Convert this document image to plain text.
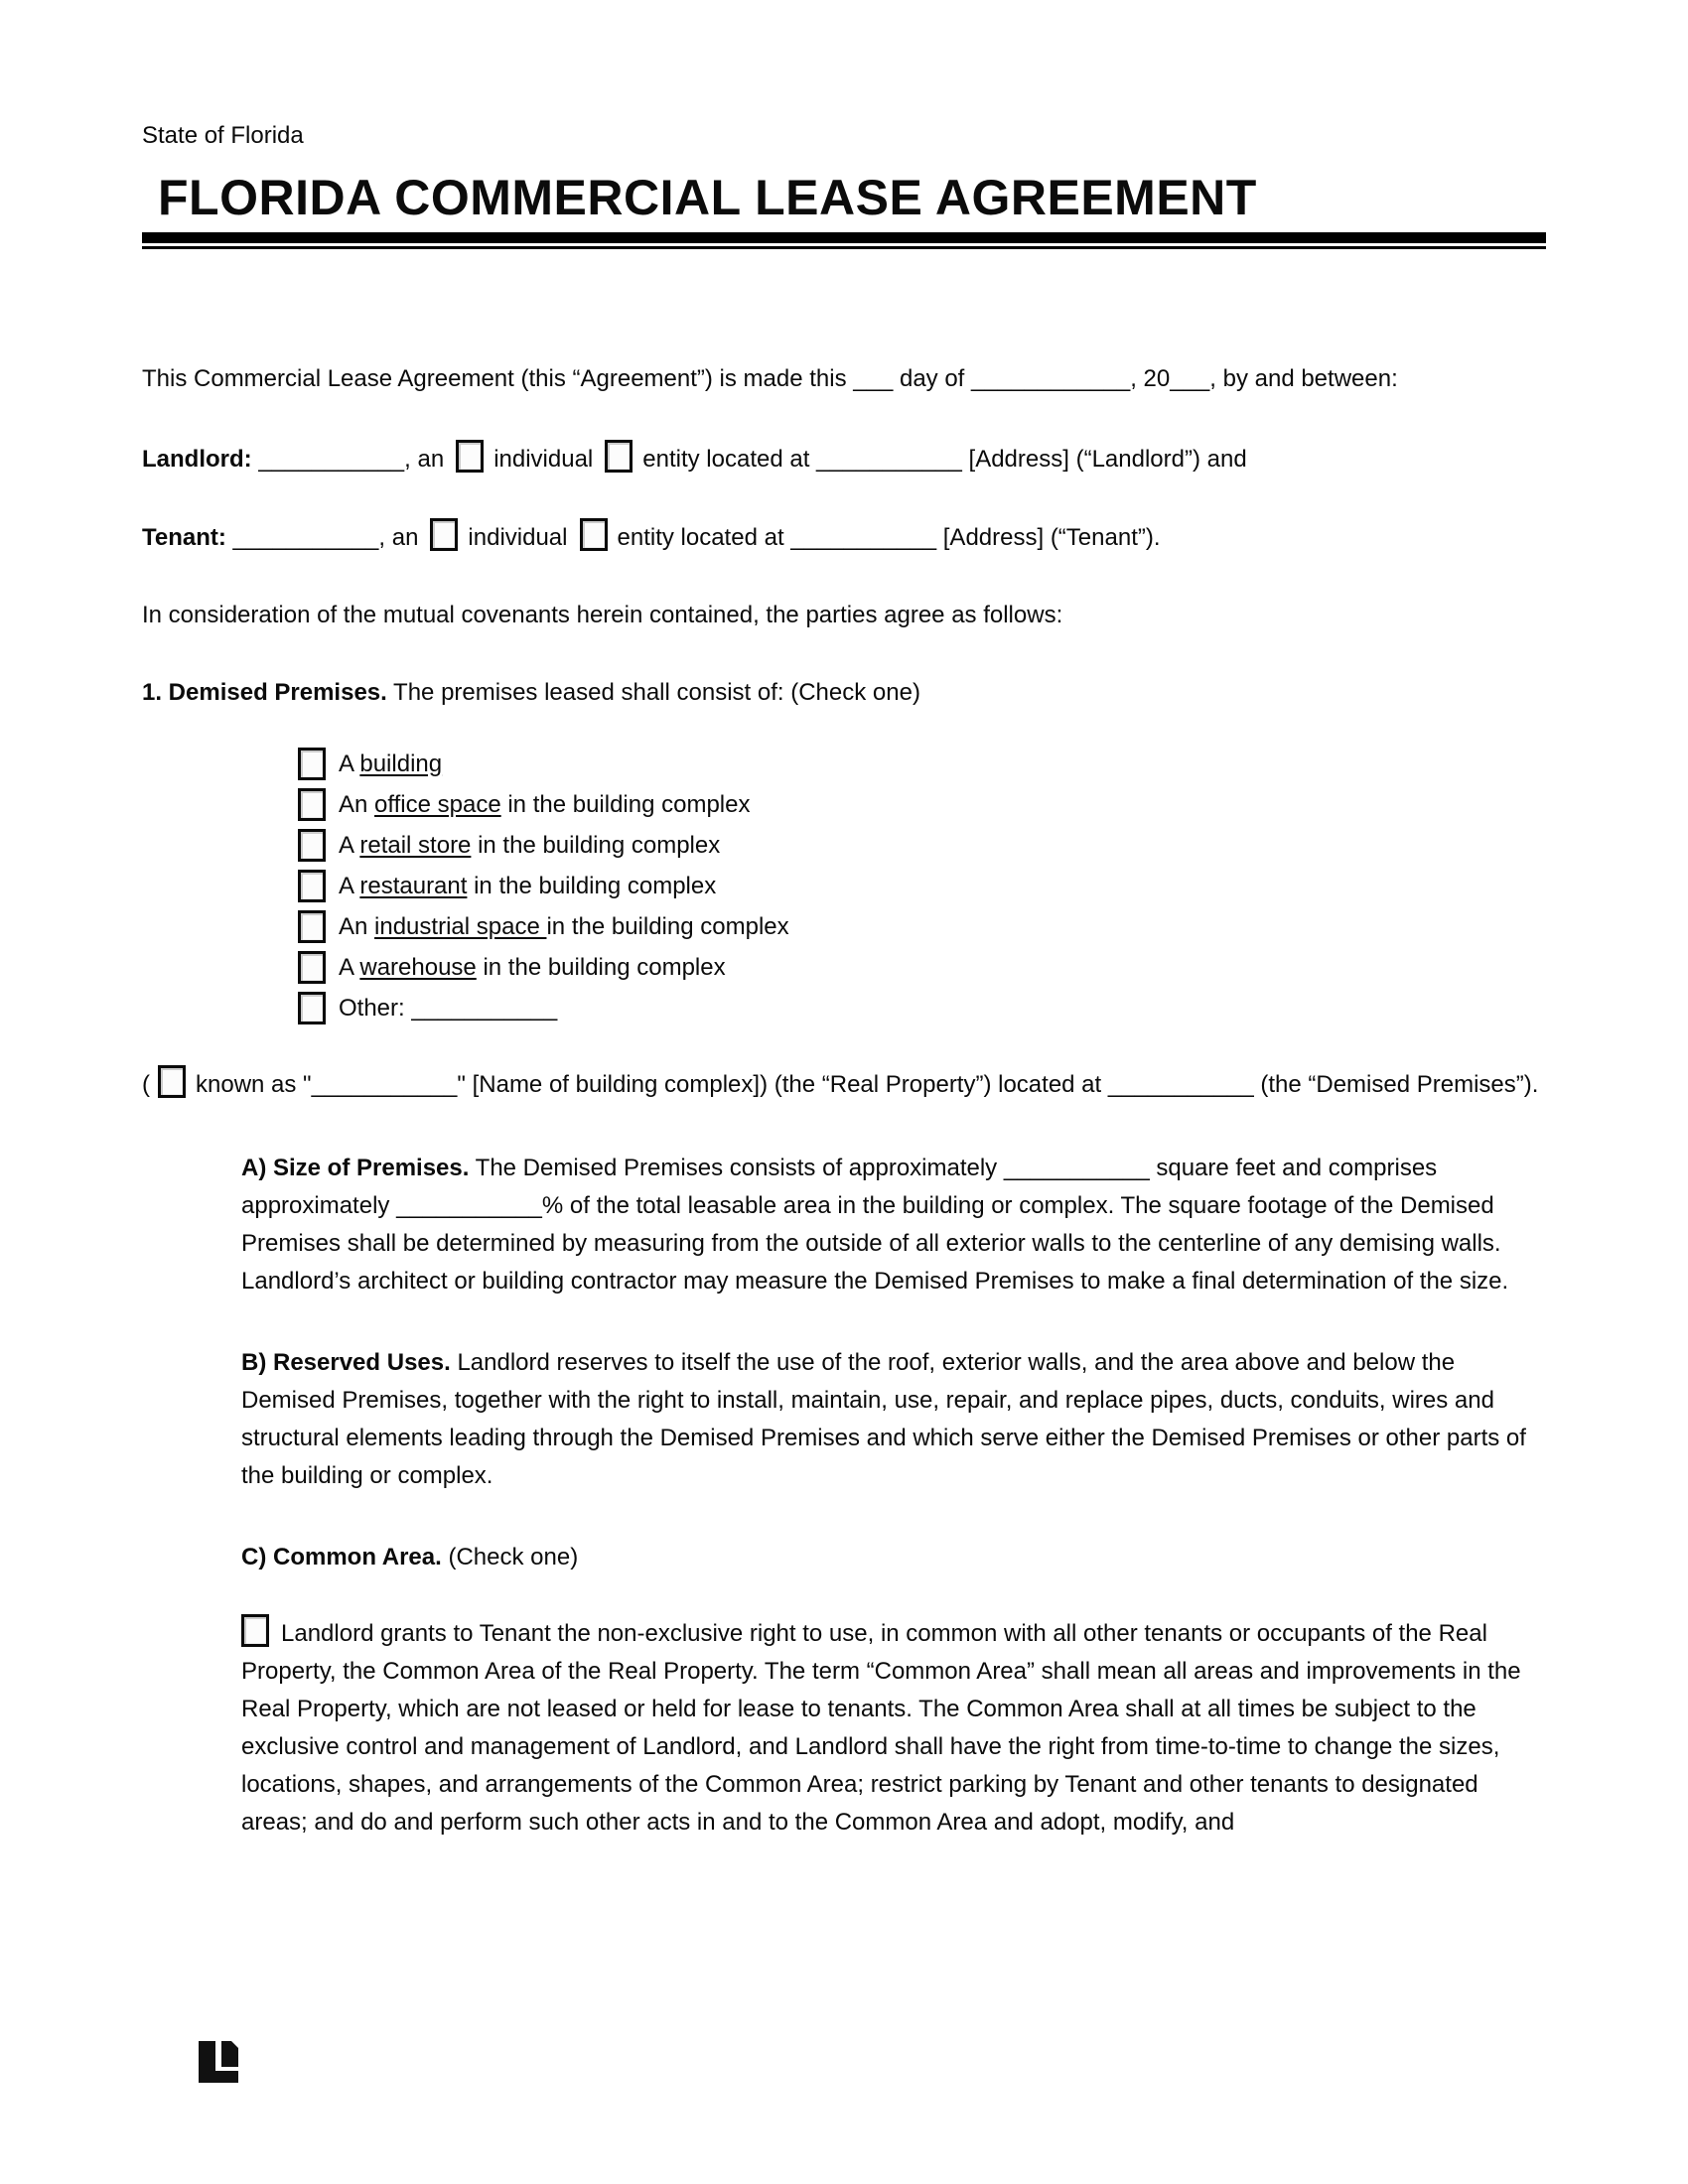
State of Florida

FLORIDA COMMERCIAL LEASE AGREEMENT

This Commercial Lease Agreement (this “Agreement”) is made this ___ day of ____________, 20___, by and between:

Landlord: ___________, an individual entity located at ___________ [Address] (“Landlord”) and

Tenant: ___________, an individual entity located at ___________ [Address] (“Tenant”).

In consideration of the mutual covenants herein contained, the parties agree as follows:

1. Demised Premises. The premises leased shall consist of: (Check one)

A building
An office space in the building complex
A retail store in the building complex
A restaurant in the building complex
An industrial space in the building complex
A warehouse in the building complex
Other: ___________

( known as "___________" [Name of building complex]) (the “Real Property”) located at ___________ (the “Demised Premises”).

A) Size of Premises. The Demised Premises consists of approximately ___________ square feet and comprises approximately ___________% of the total leasable area in the building or complex. The square footage of the Demised Premises shall be determined by measuring from the outside of all exterior walls to the centerline of any demising walls. Landlord’s architect or building contractor may measure the Demised Premises to make a final determination of the size.

B) Reserved Uses. Landlord reserves to itself the use of the roof, exterior walls, and the area above and below the Demised Premises, together with the right to install, maintain, use, repair, and replace pipes, ducts, conduits, wires and structural elements leading through the Demised Premises and which serve either the Demised Premises or other parts of the building or complex.

C) Common Area. (Check one)

Landlord grants to Tenant the non-exclusive right to use, in common with all other tenants or occupants of the Real Property, the Common Area of the Real Property. The term “Common Area” shall mean all areas and improvements in the Real Property, which are not leased or held for lease to tenants. The Common Area shall at all times be subject to the exclusive control and management of Landlord, and Landlord shall have the right from time-to-time to change the sizes, locations, shapes, and arrangements of the Common Area; restrict parking by Tenant and other tenants to designated areas; and do and perform such other acts in and to the Common Area and adopt, modify, and
